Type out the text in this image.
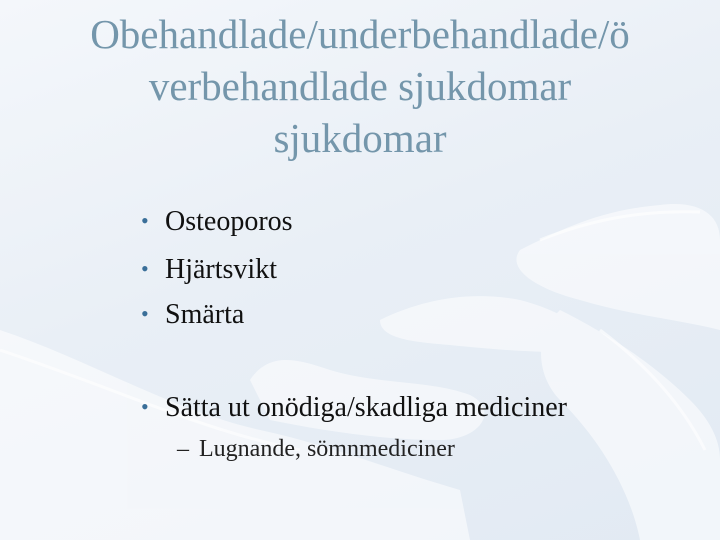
Obehandlade/underbehandlade/ö
verbehandlade sjukdomar
sjukdomar
• Osteoporos
• Hjärtsvikt
• Smärta
• Sätta ut onödiga/skadliga mediciner
– Lugnande, sömnmediciner
